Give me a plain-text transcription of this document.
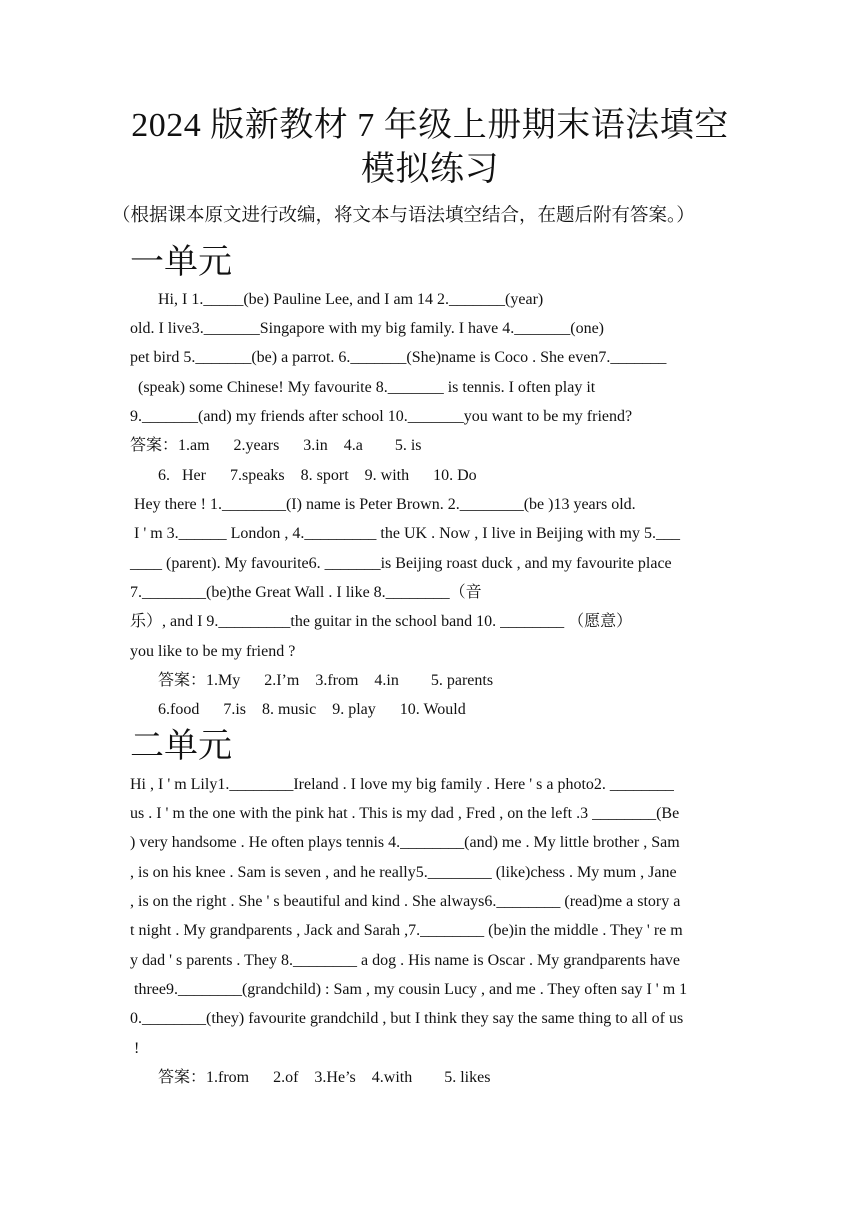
2024 版新教材 7 年级上册期末语法填空
模拟练习
（根据课本原文进行改编，将文本与语法填空结合，在题后附有答案。）
一单元
Hi, I 1._____(be) Pauline Lee, and I am 14 2._______(year)
old. I live3._______Singapore with my big family. I have 4._______(one)
pet bird 5._______(be) a parrot. 6._______(She)name is Coco . She even7._______
(speak) some Chinese! My favourite 8._______ is tennis. I often play it
9._______(and) my friends after school 10._______you want to be my friend?
答案：1.am      2.years      3.in    4.a        5. is
6.   Her      7.speaks    8. sport    9. with      10. Do
Hey there ! 1.________(I) name is Peter Brown. 2.________(be )13 years old.
I ' m 3.______ London , 4._________ the UK . Now , I live in Beijing with my 5.___
____ (parent). My favourite6. _______is Beijing roast duck , and my favourite place
7.________(be)the Great Wall . I like 8.________（音
乐）, and I 9._________the guitar in the school band 10. ________ （愿意）
you like to be my friend ?
答案：1.My      2.I’m    3.from    4.in        5. parents
6.food      7.is    8. music    9. play      10. Would
二单元
Hi , I ' m Lily1.________Ireland . I love my big family . Here ' s a photo2. ________
us . I ' m the one with the pink hat . This is my dad , Fred , on the left .3 ________(Be
) very handsome . He often plays tennis 4.________(and) me . My little brother , Sam
, is on his knee . Sam is seven , and he really5.________ (like)chess . My mum , Jane
, is on the right . She ' s beautiful and kind . She always6.________ (read)me a story a
t night . My grandparents , Jack and Sarah ,7.________ (be)in the middle . They ' re m
y dad ' s parents . They 8.________ a dog . His name is Oscar . My grandparents have
three9.________(grandchild) : Sam , my cousin Lucy , and me . They often say I ' m 1
0.________(they) favourite grandchild , but I think they say the same thing to all of us
!
答案：1.from      2.of    3.He’s    4.with        5. likes
